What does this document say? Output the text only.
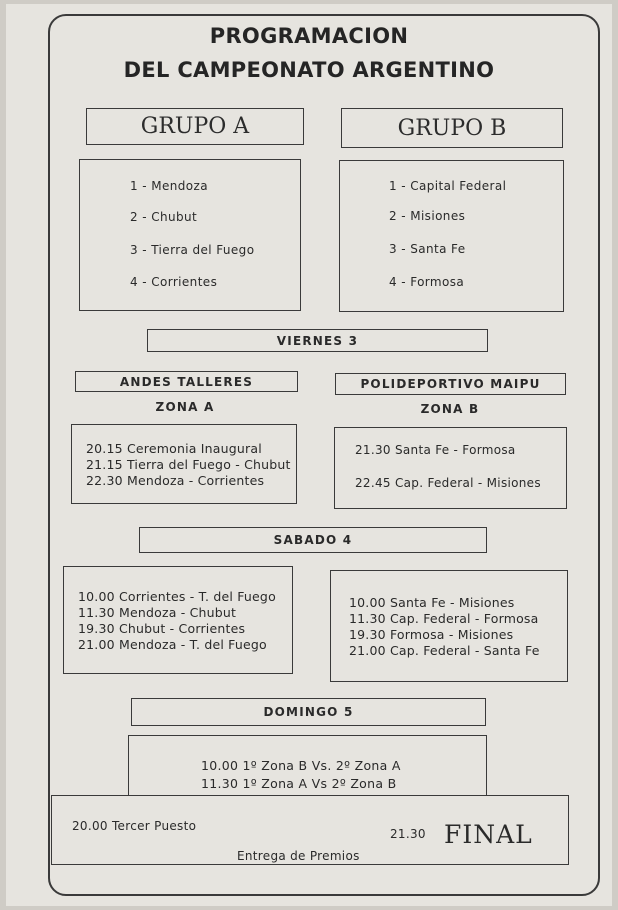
PROGRAMACION
DEL CAMPEONATO ARGENTINO
GRUPO A	GRUPO B
1 - Mendoza
2 - Chubut
3 - Tierra del Fuego
4 - Corrientes
1 - Capital Federal
2 - Misiones
3 - Santa Fe
4 - Formosa
VIERNES 3
ANDES TALLERES	POLIDEPORTIVO MAIPU
ZONA A	ZONA B
20.15 Ceremonia Inaugural
21.15 Tierra del Fuego - Chubut
22.30 Mendoza - Corrientes
21.30 Santa Fe - Formosa
22.45 Cap. Federal - Misiones
SABADO 4
10.00 Corrientes - T. del Fuego
11.30 Mendoza - Chubut
19.30 Chubut - Corrientes
21.00 Mendoza - T. del Fuego
10.00 Santa Fe - Misiones
11.30 Cap. Federal - Formosa
19.30 Formosa - Misiones
21.00 Cap. Federal - Santa Fe
DOMINGO 5
10.00 1º Zona B Vs. 2º Zona A
11.30 1º Zona A Vs 2º Zona B
20.00 Tercer Puesto
21.30 FINAL
Entrega de Premios
